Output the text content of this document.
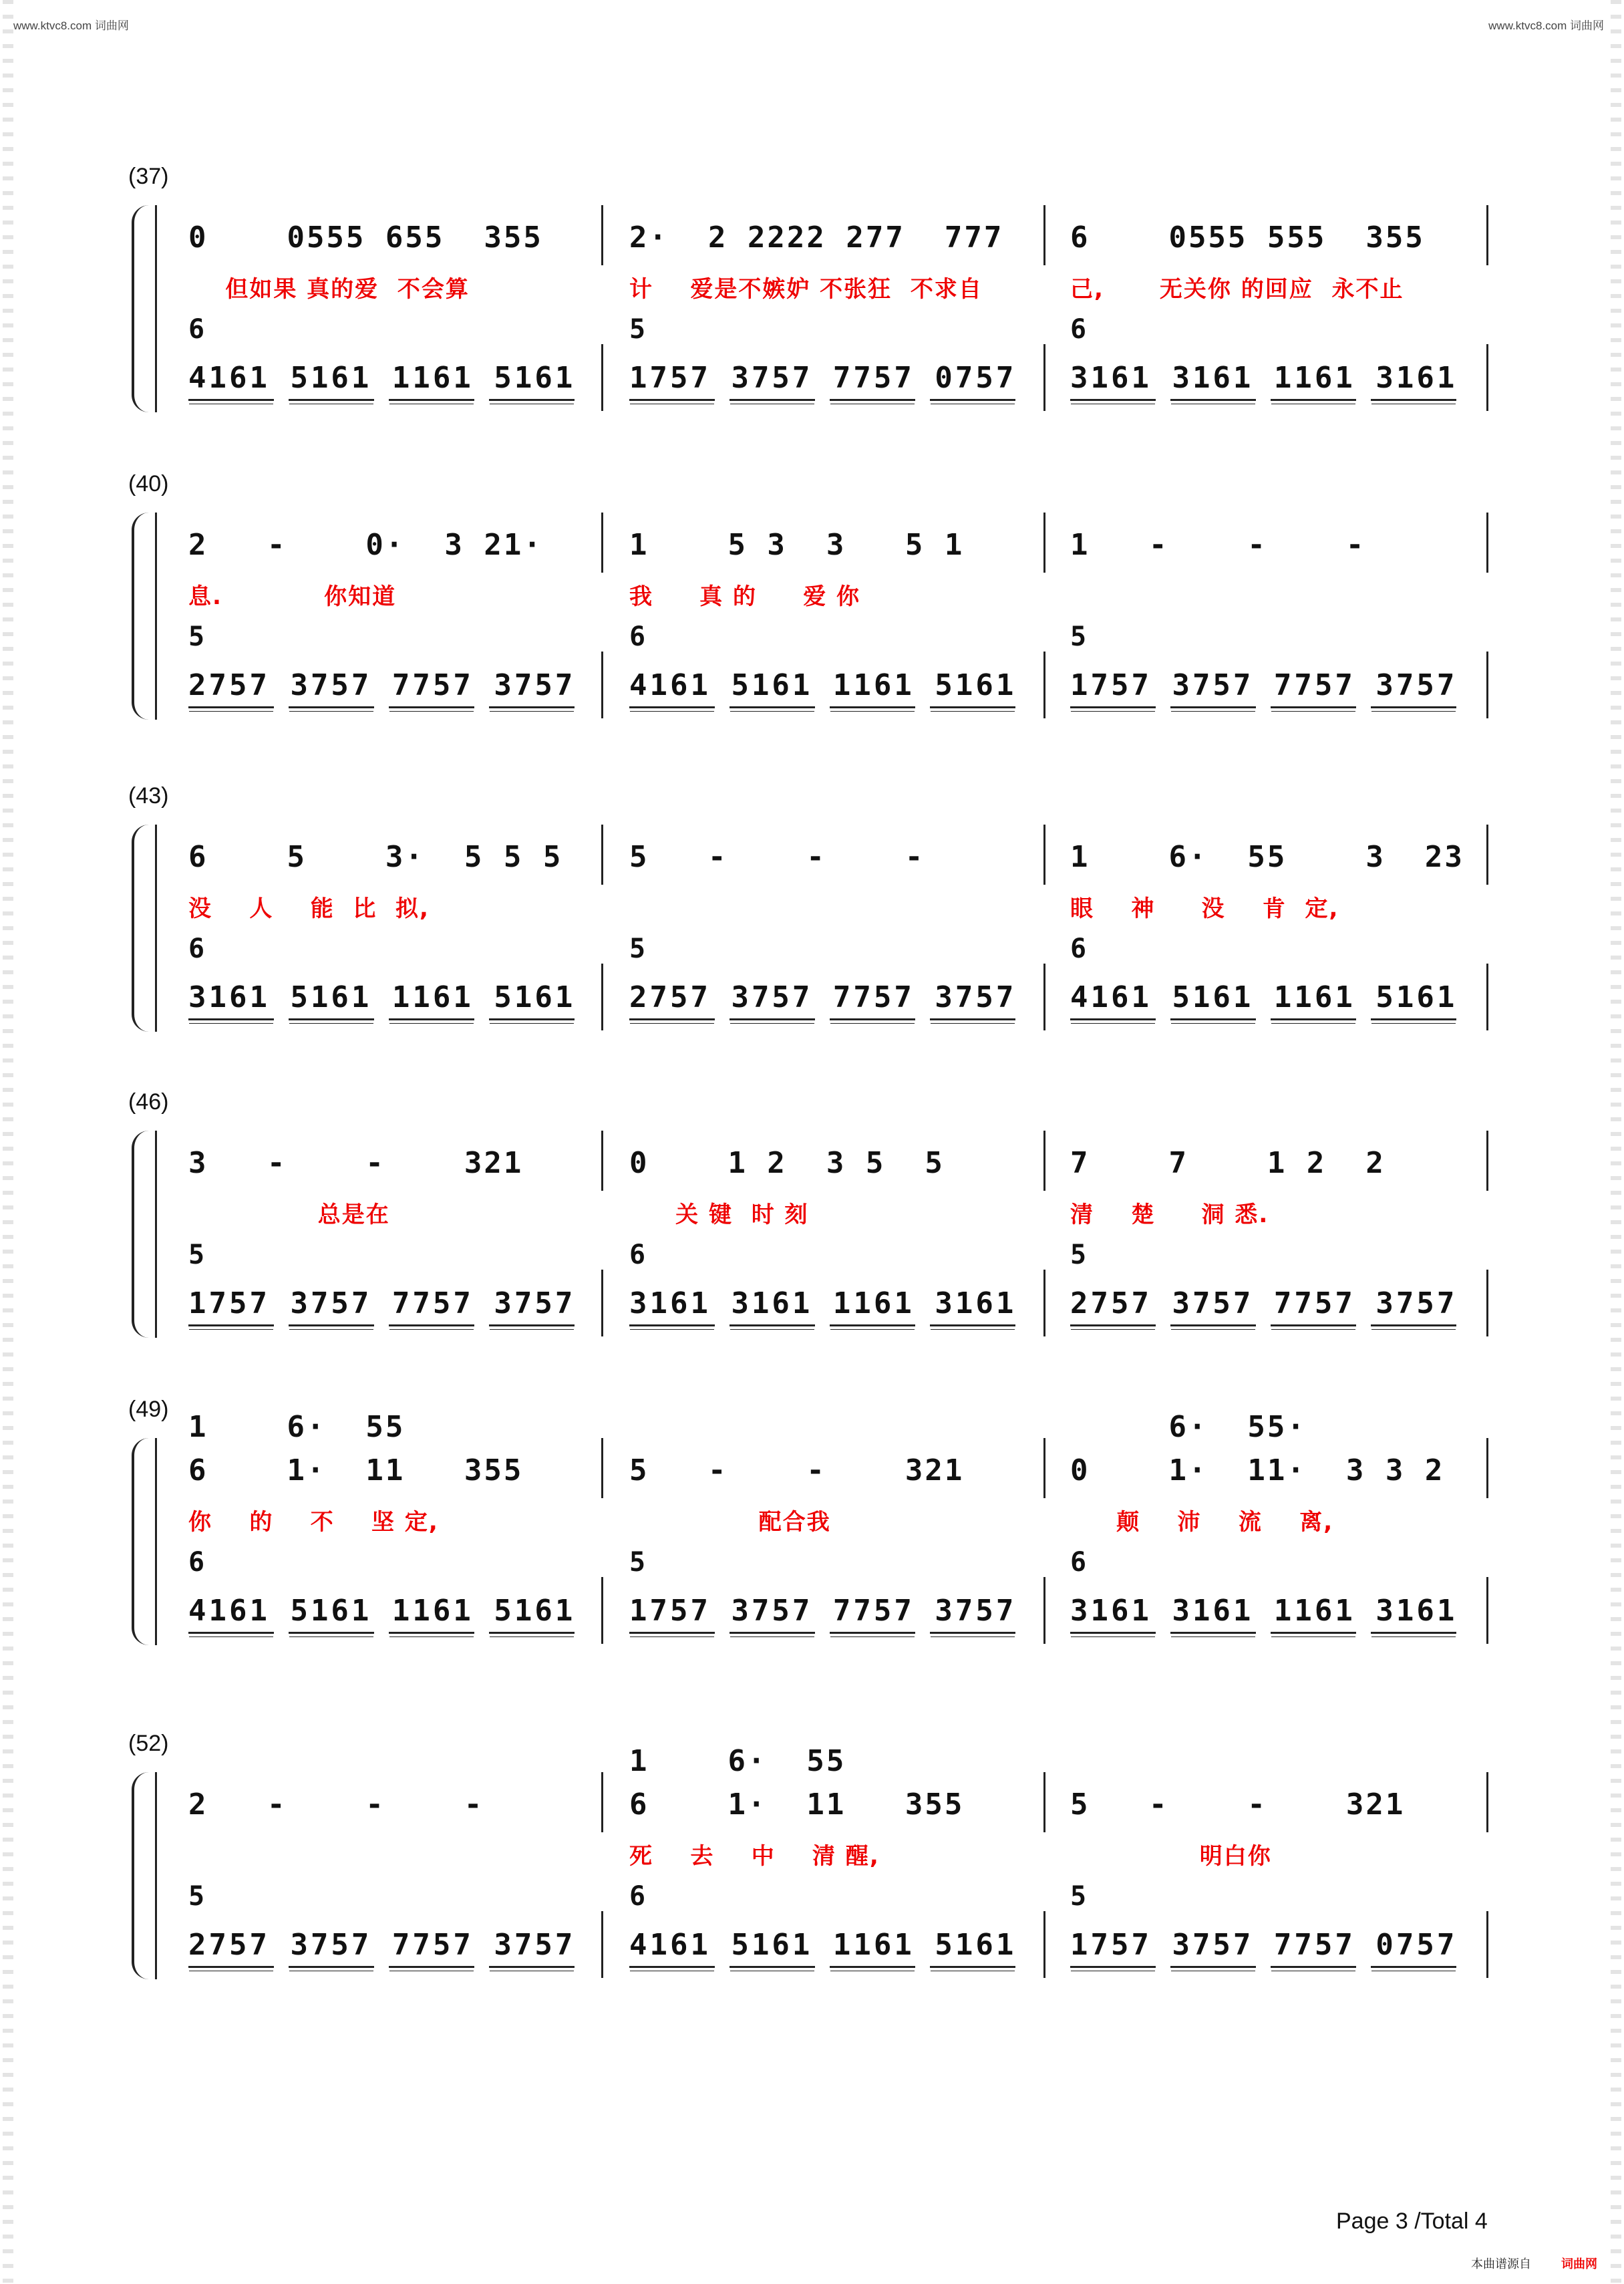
www.ktvc8.com 词曲网	www.ktvc8.com 词曲网
(37)
0    0555 655  355	2·  2 2222 277  777 6    0555 555  355
但如果 真的爱  不会算	计    爱是不嫉妒 不张狂  不求自	己,      无关你 的回应  永不止
4161 5161 1161 5161 1757 3757 7757 0757 3161 3161 1161 3161
6	5	6
(40)
2   -    0·  3 21·	1    5 3  3   5 1	1   -    -    -
息.           你知道	我     真 的     爱 你
2757 3757 7757 3757 4161 5161 1161 5161 1757 3757 7757 3757
5	6	5
(43)
6    5    3·  5 5 5 5   -    -    -	1    6·  55    3  23
没    人    能  比  拟,	眼    神     没    肯  定,
3161 5161 1161 5161 2757 3757 7757 3757 4161 5161 1161 5161
6	5	6
(46)
3   -    -    321	0    1 2  3 5  5	7    7    1 2  2
总是在	关 键  时 刻	清    楚     洞 悉.
1757 3757 7757 3757 3161 3161 1161 3161 2757 3757 7757 3757
5	6	5
(49)
1    6·  55	6·  55·
6    1·  11   355	5   -    -    321	0    1·  11·  3 3 2
你    的    不    坚 定,	配合我	颠    沛    流    离,
4161 5161 1161 5161 1757 3757 7757 3757 3161 3161 1161 3161
6	5	6
(52)
1    6·  55
2   -    -    -	6    1·  11   355	5   -    -    321
死    去    中    清 醒,	明白你
2757 3757 7757 3757 4161 5161 1161 5161 1757 3757 7757 0757
5	6	5
Page 3 /Total 4
本曲谱源自	词曲网
